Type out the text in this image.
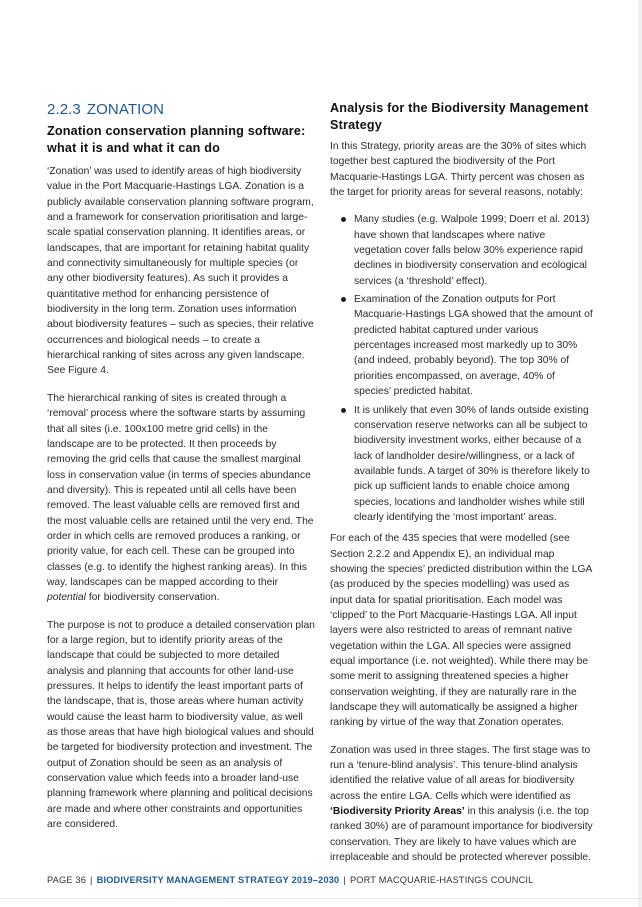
2.2.3 ZONATION
Zonation conservation planning software: what it is and what it can do

‘Zonation’ was used to identify areas of high biodiversity value in the Port Macquarie-Hastings LGA. Zonation is a publicly available conservation planning software program, and a framework for conservation prioritisation and large-scale spatial conservation planning. It identifies areas, or landscapes, that are important for retaining habitat quality and connectivity simultaneously for multiple species (or any other biodiversity features). As such it provides a quantitative method for enhancing persistence of biodiversity in the long term. Zonation uses information about biodiversity features – such as species, their relative occurrences and biological needs – to create a hierarchical ranking of sites across any given landscape. See Figure 4.

The hierarchical ranking of sites is created through a ‘removal’ process where the software starts by assuming that all sites (i.e. 100x100 metre grid cells) in the landscape are to be protected. It then proceeds by removing the grid cells that cause the smallest marginal loss in conservation value (in terms of species abundance and diversity). This is repeated until all cells have been removed. The least valuable cells are removed first and the most valuable cells are retained until the very end. The order in which cells are removed produces a ranking, or priority value, for each cell. These can be grouped into classes (e.g. to identify the highest ranking areas). In this way, landscapes can be mapped according to their potential for biodiversity conservation.

The purpose is not to produce a detailed conservation plan for a large region, but to identify priority areas of the landscape that could be subjected to more detailed analysis and planning that accounts for other land-use pressures. It helps to identify the least important parts of the landscape, that is, those areas where human activity would cause the least harm to biodiversity value, as well as those areas that have high biological values and should be targeted for biodiversity protection and investment. The output of Zonation should be seen as an analysis of conservation value which feeds into a broader land-use planning framework where planning and political decisions are made and where other constraints and opportunities are considered.

Analysis for the Biodiversity Management Strategy

In this Strategy, priority areas are the 30% of sites which together best captured the biodiversity of the Port Macquarie-Hastings LGA. Thirty percent was chosen as the target for priority areas for several reasons, notably:

Many studies (e.g. Walpole 1999; Doerr et al. 2013) have shown that landscapes where native vegetation cover falls below 30% experience rapid declines in biodiversity conservation and ecological services (a ‘threshold’ effect).
Examination of the Zonation outputs for Port Macquarie-Hastings LGA showed that the amount of predicted habitat captured under various percentages increased most markedly up to 30% (and indeed, probably beyond). The top 30% of priorities encompassed, on average, 40% of species’ predicted habitat.
It is unlikely that even 30% of lands outside existing conservation reserve networks can all be subject to biodiversity investment works, either because of a lack of landholder desire/willingness, or a lack of available funds. A target of 30% is therefore likely to pick up sufficient lands to enable choice among species, locations and landholder wishes while still clearly identifying the ‘most important’ areas.

For each of the 435 species that were modelled (see Section 2.2.2 and Appendix E), an individual map showing the species’ predicted distribution within the LGA (as produced by the species modelling) was used as input data for spatial prioritisation. Each model was ‘clipped’ to the Port Macquarie-Hastings LGA. All input layers were also restricted to areas of remnant native vegetation within the LGA. All species were assigned equal importance (i.e. not weighted). While there may be some merit to assigning threatened species a higher conservation weighting, if they are naturally rare in the landscape they will automatically be assigned a higher ranking by virtue of the way that Zonation operates.

Zonation was used in three stages. The first stage was to run a ‘tenure-blind analysis’. This tenure-blind analysis identified the relative value of all areas for biodiversity across the entire LGA. Cells which were identified as ‘Biodiversity Priority Areas’ in this analysis (i.e. the top ranked 30%) are of paramount importance for biodiversity conservation. They are likely to have values which are irreplaceable and should be protected wherever possible.

PAGE 36 | BIODIVERSITY MANAGEMENT STRATEGY 2019–2030 | PORT MACQUARIE-HASTINGS COUNCIL
